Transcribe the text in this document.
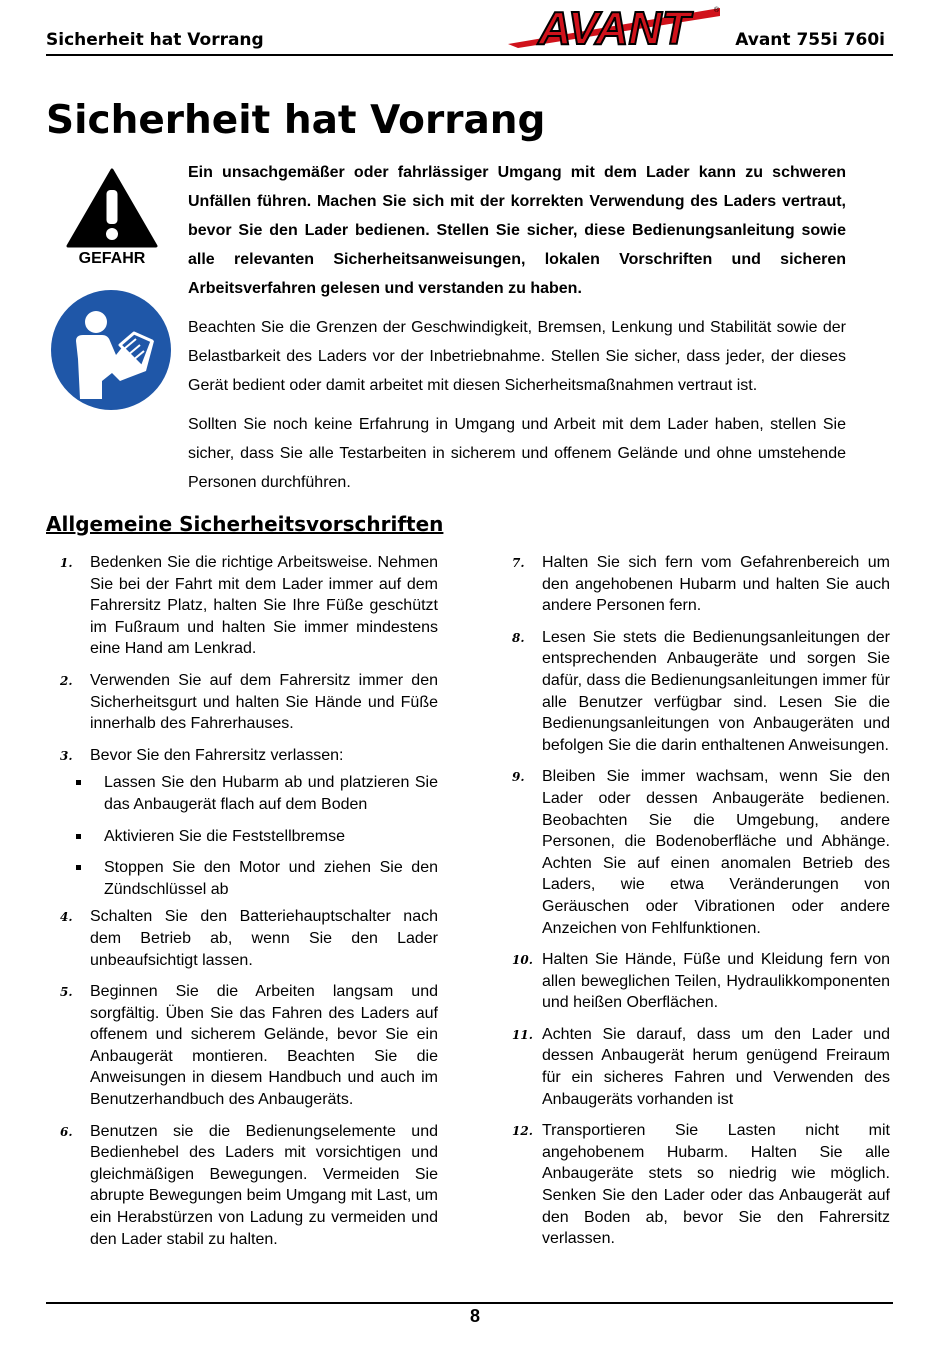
Sicherheit hat Vorrang	AVANT	®
Avant 755i 760i
Sicherheit hat Vorrang
GEFAHR

Ein unsachgemäßer oder fahrlässiger Umgang mit dem Lader kann zu schweren Unfällen führen. Machen Sie sich mit der korrekten Verwendung des Laders vertraut, bevor Sie den Lader bedienen. Stellen Sie sicher, diese Bedienungsanleitung sowie alle relevanten Sicherheitsanweisungen, lokalen Vorschriften und sicheren Arbeitsverfahren gelesen und verstanden zu haben.

Beachten Sie die Grenzen der Geschwindigkeit, Bremsen, Lenkung und Stabilität sowie der Belastbarkeit des Laders vor der Inbetriebnahme. Stellen Sie sicher, dass jeder, der dieses Gerät bedient oder damit arbeitet mit diesen Sicherheitsmaßnahmen vertraut ist.

Sollten Sie noch keine Erfahrung in Umgang und Arbeit mit dem Lader haben, stellen Sie sicher, dass Sie alle Testarbeiten in sicherem und offenem Gelände und ohne umstehende Personen durchführen.

Allgemeine Sicherheitsvorschriften
1. Bedenken Sie die richtige Arbeitsweise. Nehmen Sie bei der Fahrt mit dem Lader immer auf dem Fahrersitz Platz, halten Sie Ihre Füße geschützt im Fußraum und halten Sie immer mindestens eine Hand am Lenkrad.
2. Verwenden Sie auf dem Fahrersitz immer den Sicherheitsgurt und halten Sie Hände und Füße innerhalb des Fahrerhauses.
3. Bevor Sie den Fahrersitz verlassen:
Lassen Sie den Hubarm ab und platzieren Sie das Anbaugerät flach auf dem Boden
Aktivieren Sie die Feststellbremse
Stoppen Sie den Motor und ziehen Sie den Zündschlüssel ab
4. Schalten Sie den Batteriehauptschalter nach dem Betrieb ab, wenn Sie den Lader unbeaufsichtigt lassen.
5. Beginnen Sie die Arbeiten langsam und sorgfältig. Üben Sie das Fahren des Laders auf offenem und sicherem Gelände, bevor Sie ein Anbaugerät montieren. Beachten Sie die Anweisungen in diesem Handbuch und auch im Benutzerhandbuch des Anbaugeräts.
6. Benutzen sie die Bedienungselemente und Bedienhebel des Laders mit vorsichtigen und gleichmäßigen Bewegungen. Vermeiden Sie abrupte Bewegungen beim Umgang mit Last, um ein Herabstürzen von Ladung zu vermeiden und den Lader stabil zu halten.
7. Halten Sie sich fern vom Gefahrenbereich um den angehobenen Hubarm und halten Sie auch andere Personen fern.
8. Lesen Sie stets die Bedienungsanleitungen der entsprechenden Anbaugeräte und sorgen Sie dafür, dass die Bedienungsanleitungen immer für alle Benutzer verfügbar sind. Lesen Sie die Bedienungsanleitungen von Anbaugeräten und befolgen Sie die darin enthaltenen Anweisungen.
9. Bleiben Sie immer wachsam, wenn Sie den Lader oder dessen Anbaugeräte bedienen. Beobachten Sie die Umgebung, andere Personen, die Bodenoberfläche und Abhänge. Achten Sie auf einen anomalen Betrieb des Laders, wie etwa Veränderungen von Geräuschen oder Vibrationen oder andere Anzeichen von Fehlfunktionen.
10. Halten Sie Hände, Füße und Kleidung fern von allen beweglichen Teilen, Hydraulikkomponenten und heißen Oberflächen.
11. Achten Sie darauf, dass um den Lader und dessen Anbaugerät herum genügend Freiraum für ein sicheres Fahren und Verwenden des Anbaugeräts vorhanden ist
12. Transportieren Sie Lasten nicht mit angehobenem Hubarm. Halten Sie alle Anbaugeräte stets so niedrig wie möglich. Senken Sie den Lader oder das Anbaugerät auf den Boden ab, bevor Sie den Fahrersitz verlassen.
8
